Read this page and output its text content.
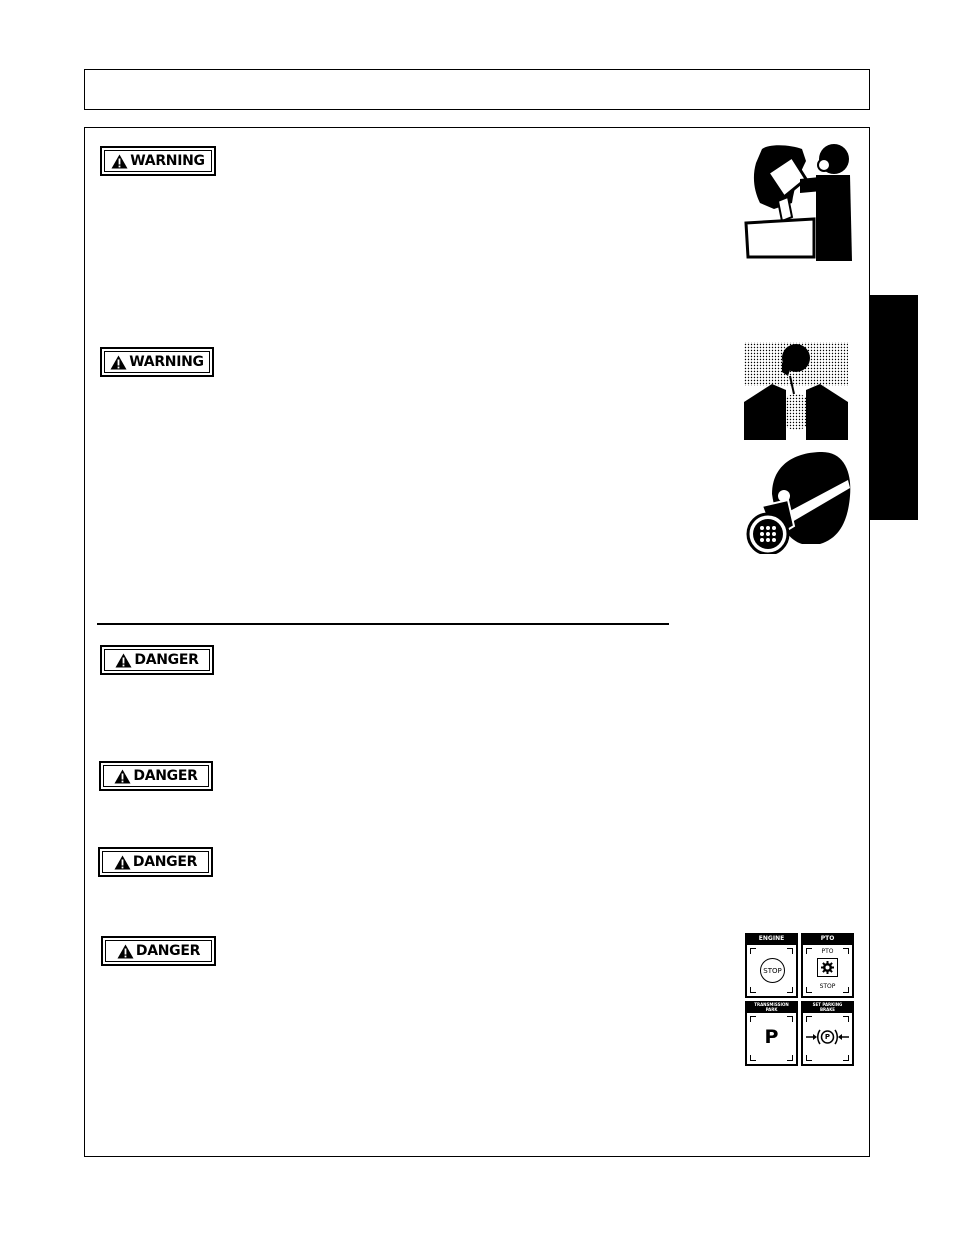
WARNING
WARNING
DANGER
DANGER
DANGER
DANGER
ENGINE
STOP
PTO
PTO
STOP
TRANSMISSION PARK
P
SET PARKING BRAKE
P
